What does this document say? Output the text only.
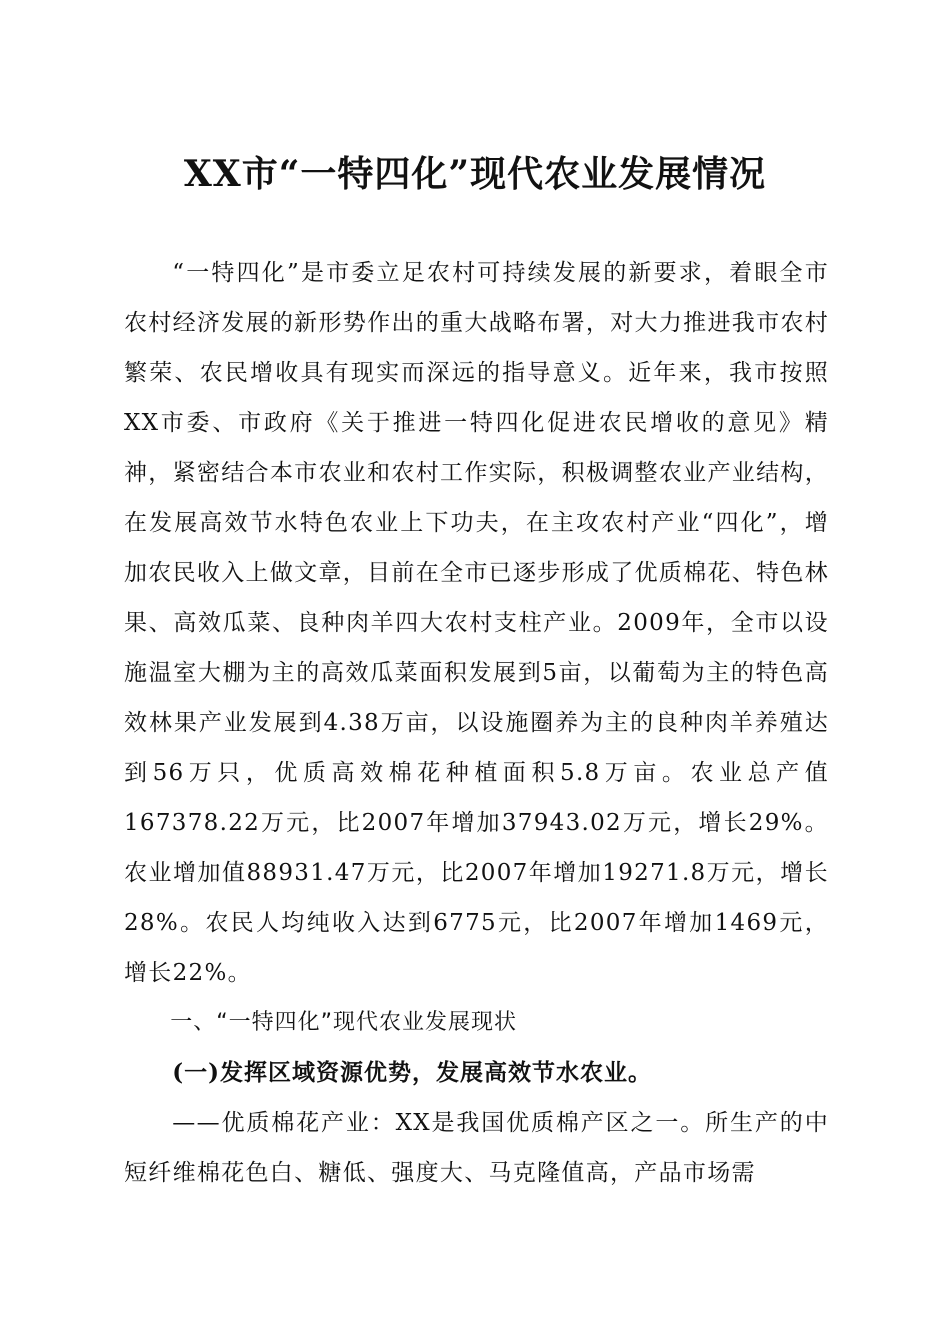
XX市“一特四化”现代农业发展情况

“一特四化”是市委立足农村可持续发展的新要求，着眼全市农村经济发展的新形势作出的重大战略布署，对大力推进我市农村繁荣、农民增收具有现实而深远的指导意义。近年来，我市按照XX市委、市政府《关于推进一特四化促进农民增收的意见》精神，紧密结合本市农业和农村工作实际，积极调整农业产业结构，在发展高效节水特色农业上下功夫，在主攻农村产业“四化”，增加农民收入上做文章，目前在全市已逐步形成了优质棉花、特色林果、高效瓜菜、良种肉羊四大农村支柱产业。2009年，全市以设施温室大棚为主的高效瓜菜面积发展到5亩，以葡萄为主的特色高效林果产业发展到4.38万亩，以设施圈养为主的良种肉羊养殖达到56万只，优质高效棉花种植面积5.8万亩。农业总产值167378.22万元，比2007年增加37943.02万元，增长29%。农业增加值88931.47万元，比2007年增加19271.8万元，增长28%。农民人均纯收入达到6775元，比2007年增加1469元，增长22%。

一、“一特四化”现代农业发展现状

(一)发挥区域资源优势，发展高效节水农业。

——优质棉花产业：XX是我国优质棉产区之一。所生产的中短纤维棉花色白、糖低、强度大、马克隆值高，产品市场需
